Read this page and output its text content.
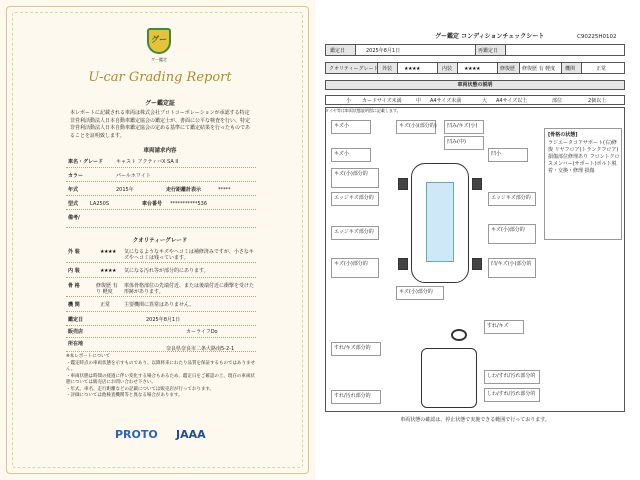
グー
グー鑑定
U-car Grading Report
グー鑑定証
本レポートに記載される車両は株式会社プロトコーポレーションが承認する特定非営利活動法人日本自動車鑑定協会の鑑定士が、書面に公平な検査を行い、特定非営利活動法人日本自動車鑑定協会の定める基準にて鑑定結果を行ったものであることを証明致します。
車両請求内容
車名・グレード	キャスト アクティバX SA II
カラー	パールホワイト
年式	2015年	走行距離計表示	*****
型式 LA250S	車台番号 ***********536
備考/
クオリティーグレード
外 装	★★★★ 気になるようなキズやヘコミは補修済みですが、小さなキズやヘコミは残っています。
内 装	★★★★ 気になる汚れ等が部分的にあります。
骨 格	修復歴 有り 軽度
車体骨格部位の先端付近、または後端付近に衝撃を受けた形跡があります。
機 関	正常	主要機関に異常はありません。
鑑定日	2025年8月1日
販売店	カーライフDo
所在地
奈良県奈良市二条大路南5-2-1
※本レポートについて
・鑑定時点の車両状態を示すものであり、以降将来にわたり品質を保証するものではありません。
・車両状態は時間の経過に伴い変化する場合もあるため、鑑定日をご確認の上、現在の車両状態については販売店にお問い合わせ下さい。
・年式、車名、走行距離などの記載については販売店が行っております。
・評価については他検査機関等と異なる場合があります。
PROTO JAAA
グー鑑定 コンディションチェックシート	C90225H0102
鑑定日	2025年8月1日	再鑑定日
クオリティーグレード 外装 ★★★★	内装 ★★★★	修復歴 修復歴 有 軽度 機関	正常
車両状態の説明
小 カードサイズ未満	中 A4サイズ未満	大 A4サイズ以上	部位	2個以上
タイヤ等は車両状態説明図に記載します。
キズ小	キズ(小)(部分的) 凹み/キズ(小)
凹み(中)
キズ小	凹小
キズ(小)部分的
エッジキズ部分的	エッジキズ部分的
キズ(小)部分的
エッジキズ部分的
キズ(小)部分的	凹/キズ(小)部分的
キズ(小)部分的
[骨格の状態]
ラジエータコアサポート(右)修復 リヤフロア(トランクフロア) 損傷部位修理あり フロントクロスメンバー(サポート)ボルト脱着・交換・修理 損傷
すれ/キズ
すれ/キズ部分的
しわ/すれ/汚れ部分的
しわ/すれ/汚れ部分的
すれ/汚れ部分的
車両状態の確認は、停止状態で実施できる範囲で行っております。
